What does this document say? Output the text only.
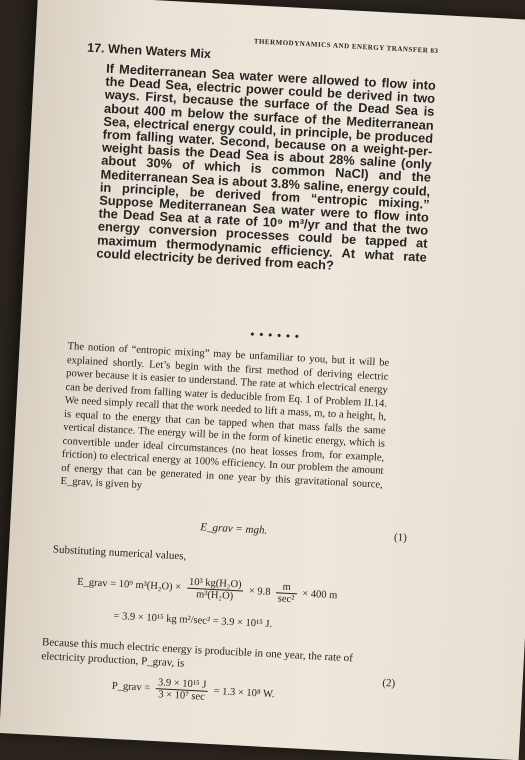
THERMODYNAMICS AND ENERGY TRANSFER 83
17. When Waters Mix
If Mediterranean Sea water were allowed to flow into the Dead Sea, electric power could be derived in two ways. First, because the surface of the Dead Sea is about 400 m below the surface of the Mediterranean Sea, electrical energy could, in principle, be produced from falling water. Second, because on a weight-per-weight basis the Dead Sea is about 28% saline (only about 30% of which is common NaCl) and the Mediterranean Sea is about 3.8% saline, energy could, in principle, be derived from “entropic mixing.” Suppose Mediterranean Sea water were to flow into the Dead Sea at a rate of 10⁹ m³/yr and that the two energy conversion processes could be tapped at maximum thermodynamic efficiency. At what rate could electricity be derived from each?
• • • • • •
The notion of “entropic mixing” may be unfamiliar to you, but it will be explained shortly. Let’s begin with the first method of deriving electric power because it is easier to understand. The rate at which electrical energy can be derived from falling water is deducible from Eq. 1 of Problem II.14. We need simply recall that the work needed to lift a mass, m, to a height, h, is equal to the energy that can be tapped when that mass falls the same vertical distance. The energy will be in the form of kinetic energy, which is convertible under ideal circumstances (no heat losses from, for example, friction) to electrical energy at 100% efficiency. In our problem the amount of energy that can be generated in one year by this gravitational source, E_grav, is given by
E_grav = mgh.
(1)
Substituting numerical values,
E_grav = 10⁹ $m^3(H_2O) \times \frac{\text{10³ kg(H₂O)}}{\text{m³(H₂O)}} \times 9.8 \frac{m}{\text{sec²}} \times 400$ m
= 3.9 × 10¹⁵ kg m²/sec² = 3.9 × 10¹⁵ J.
Because this much electric energy is producible in one year, the rate of electricity production, P_grav, is
P_grav = $\frac{\text{3.9 × 10¹⁵ J}}{\text{3 × 10⁷ sec}} = 1.3 \times 10^8$ W.
(2)
